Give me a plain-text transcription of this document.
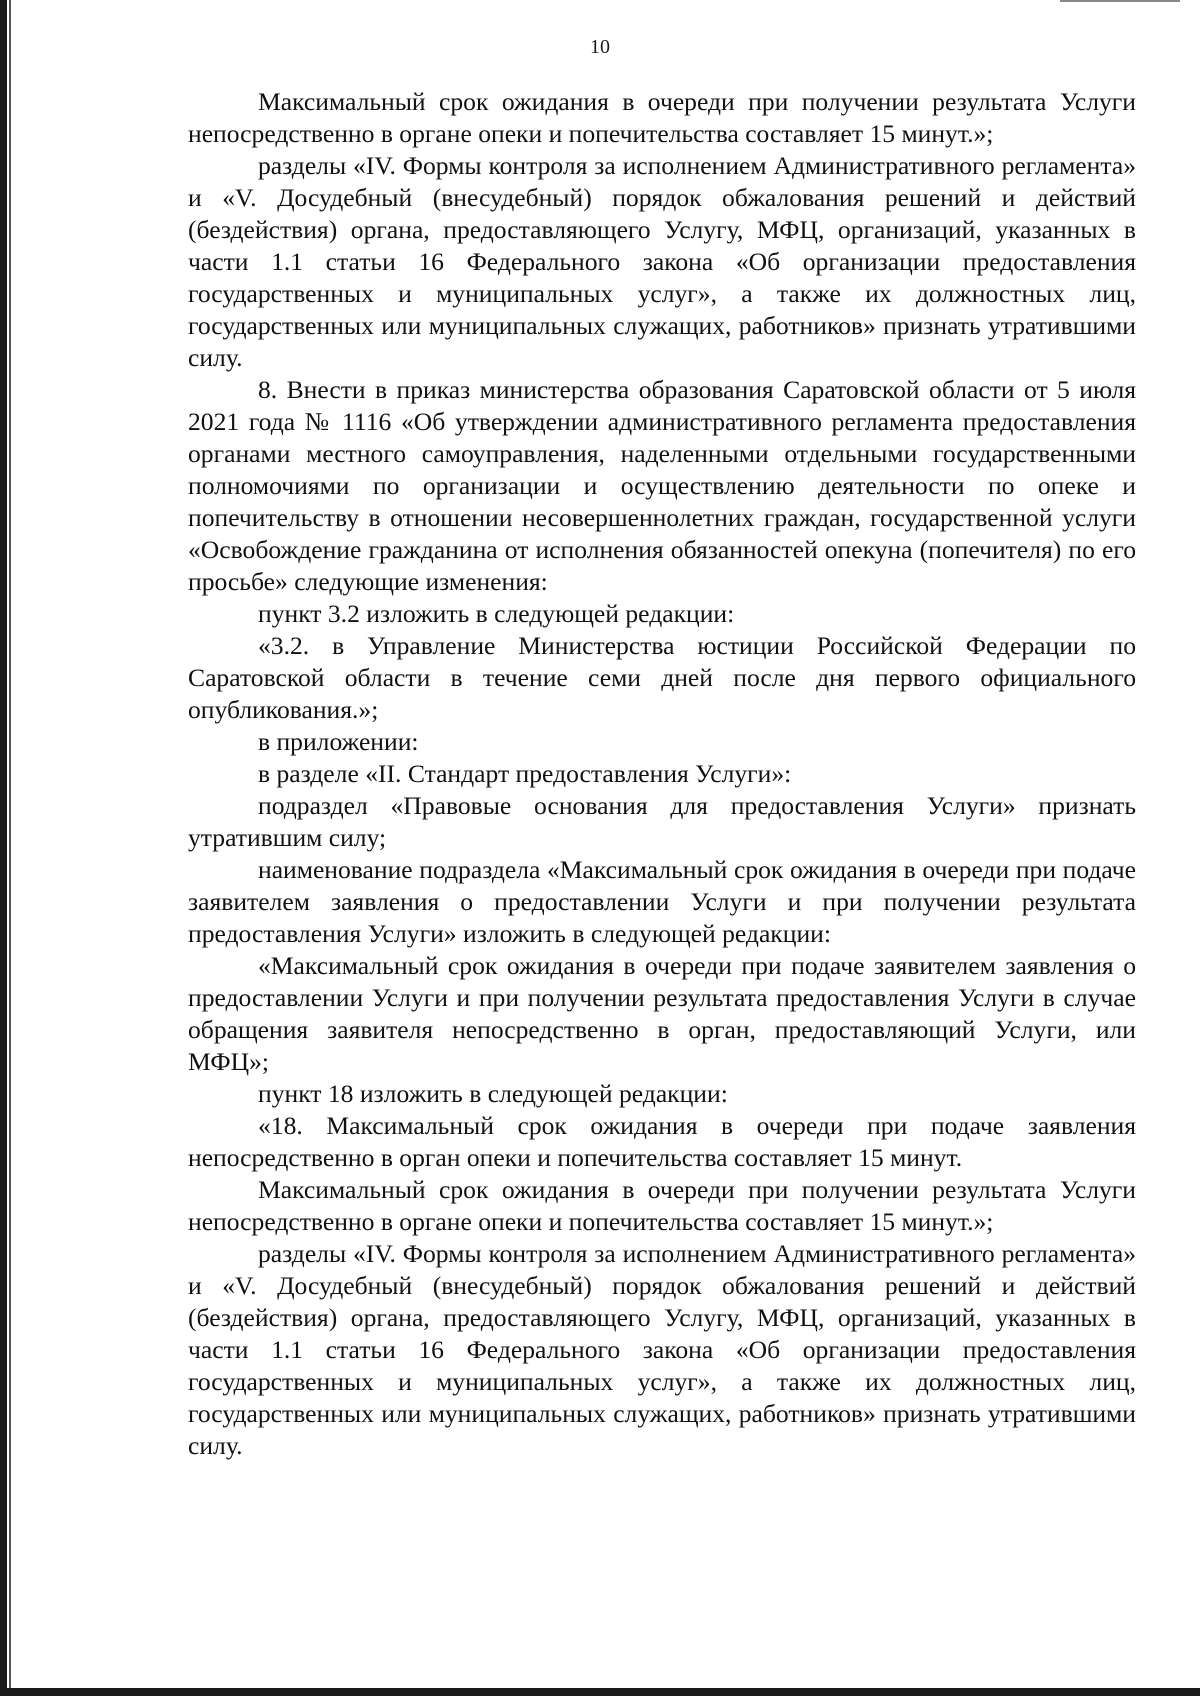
10

Максимальный срок ожидания в очереди при получении результата Услуги непосредственно в органе опеки и попечительства составляет 15 минут.»;

разделы «IV. Формы контроля за исполнением Административного регламента» и «V. Досудебный (внесудебный) порядок обжалования решений и действий (бездействия) органа, предоставляющего Услугу, МФЦ, организаций, указанных в части 1.1 статьи 16 Федерального закона «Об организации предоставления государственных и муниципальных услуг», а также их должностных лиц, государственных или муниципальных служащих, работников» признать утратившими силу.

8. Внести в приказ министерства образования Саратовской области от 5 июля 2021 года № 1116 «Об утверждении административного регламента предоставления органами местного самоуправления, наделенными отдельными государственными полномочиями по организации и осуществлению деятельности по опеке и попечительству в отношении несовершеннолетних граждан, государственной услуги «Освобождение гражданина от исполнения обязанностей опекуна (попечителя) по его просьбе» следующие изменения:

пункт 3.2 изложить в следующей редакции:

«3.2. в Управление Министерства юстиции Российской Федерации по Саратовской области в течение семи дней после дня первого официального опубликования.»;

в приложении:

в разделе «II. Стандарт предоставления Услуги»:

подраздел «Правовые основания для предоставления Услуги» признать утратившим силу;

наименование подраздела «Максимальный срок ожидания в очереди при подаче заявителем заявления о предоставлении Услуги и при получении результата предоставления Услуги» изложить в следующей редакции:

«Максимальный срок ожидания в очереди при подаче заявителем заявления о предоставлении Услуги и при получении результата предоставления Услуги в случае обращения заявителя непосредственно в орган, предоставляющий Услуги, или МФЦ»;

пункт 18 изложить в следующей редакции:

«18. Максимальный срок ожидания в очереди при подаче заявления непосредственно в орган опеки и попечительства составляет 15 минут.

Максимальный срок ожидания в очереди при получении результата Услуги непосредственно в органе опеки и попечительства составляет 15 минут.»;

разделы «IV. Формы контроля за исполнением Административного регламента» и «V. Досудебный (внесудебный) порядок обжалования решений и действий (бездействия) органа, предоставляющего Услугу, МФЦ, организаций, указанных в части 1.1 статьи 16 Федерального закона «Об организации предоставления государственных и муниципальных услуг», а также их должностных лиц, государственных или муниципальных служащих, работников» признать утратившими силу.
